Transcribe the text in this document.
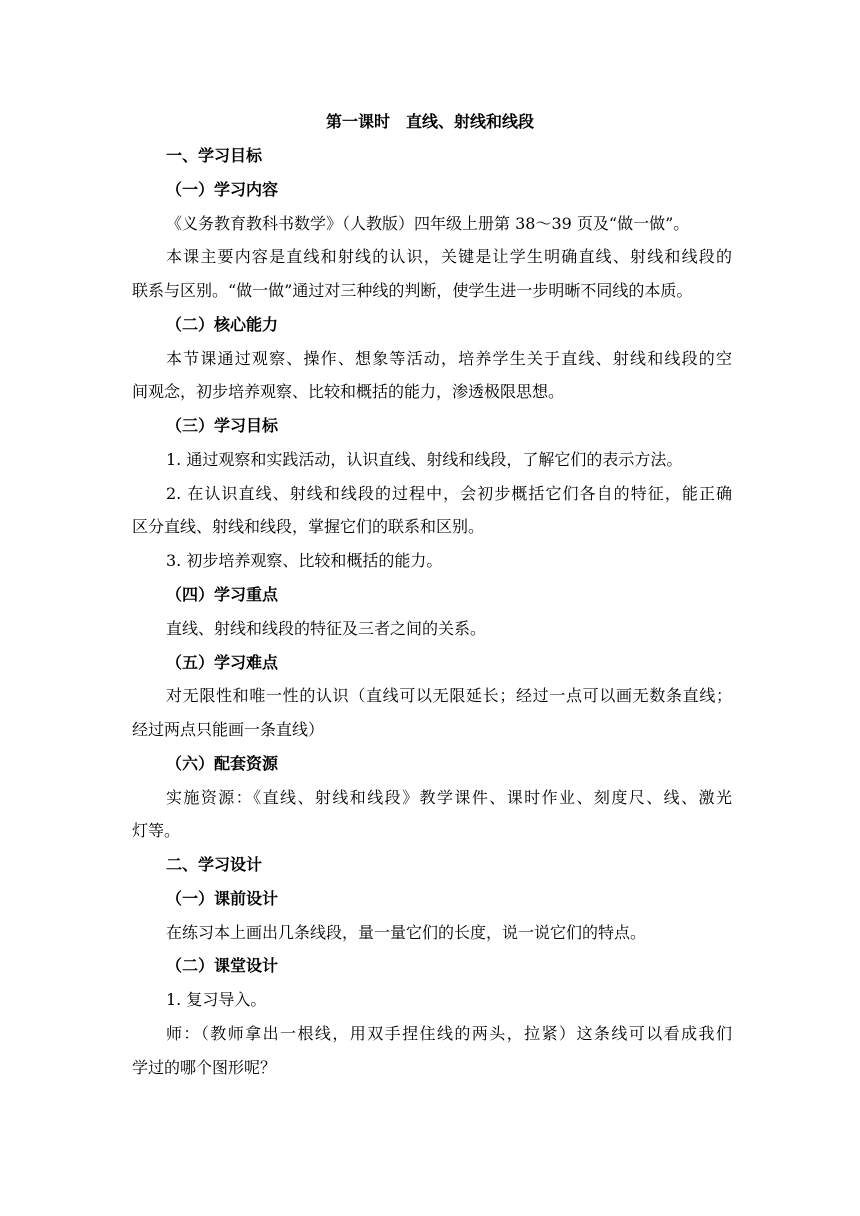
第一课时　直线、射线和线段
一、学习目标
（一）学习内容
《义务教育教科书数学》（人教版）四年级上册第 38～39 页及“做一做”。
本课主要内容是直线和射线的认识，关键是让学生明确直线、射线和线段的
联系与区别。“做一做”通过对三种线的判断，使学生进一步明晰不同线的本质。
（二）核心能力
本节课通过观察、操作、想象等活动，培养学生关于直线、射线和线段的空
间观念，初步培养观察、比较和概括的能力，渗透极限思想。
（三）学习目标
1. 通过观察和实践活动，认识直线、射线和线段，了解它们的表示方法。
2. 在认识直线、射线和线段的过程中，会初步概括它们各自的特征，能正确
区分直线、射线和线段，掌握它们的联系和区别。
3. 初步培养观察、比较和概括的能力。
（四）学习重点
直线、射线和线段的特征及三者之间的关系。
（五）学习难点
对无限性和唯一性的认识（直线可以无限延长；经过一点可以画无数条直线；
经过两点只能画一条直线）
（六）配套资源
实施资源：《直线、射线和线段》教学课件、课时作业、刻度尺、线、激光
灯等。
二、学习设计
（一）课前设计
在练习本上画出几条线段，量一量它们的长度，说一说它们的特点。
（二）课堂设计
1. 复习导入。
师：（教师拿出一根线，用双手捏住线的两头，拉紧）这条线可以看成我们
学过的哪个图形呢？
